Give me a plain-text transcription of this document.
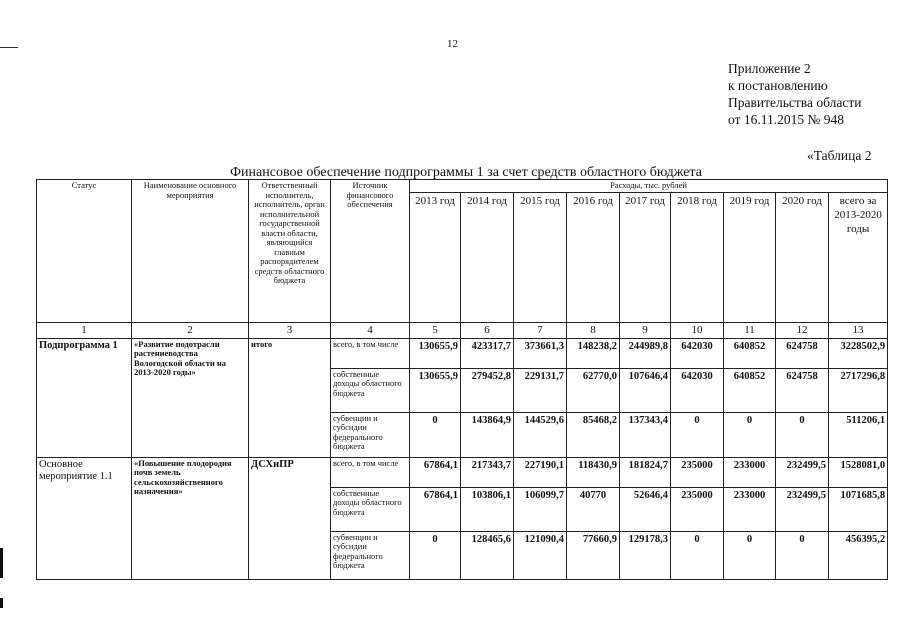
12
Приложение 2
к постановлению
Правительства области
от 16.11.2015 № 948
«Таблица 2
Финансовое обеспечение подпрограммы 1 за счет средств областного бюджета
Статус	Наименование основного мероприятия	Ответственный исполнитель, исполнитель, орган исполнительной государственной власти области, являющийся главным распорядителем средств областного бюджета	Источник финансового обеспечения	Расходы, тыс. рублей								
				2013 год	2014 год	2015 год	2016 год	2017 год	2018 год	2019 год	2020 год	всего за 2013-2020 годы
1	2	3	4	5	6	7	8	9	10	11	12	13
Подпрограмма 1	«Развитие подотрасли растениеводства Вологодской области на 2013-2020 годы»	итого	всего, в том числе	130655,9	423317,7	373661,3	148238,2	244989,8	642030	640852	624758	3228502,9
			собственные доходы областного бюджета	130655,9	279452,8	229131,7	62770,0	107646,4	642030	640852	624758	2717296,8
			субвенции и субсидии федерального бюджета	0	143864,9	144529,6	85468,2	137343,4	0	0	0	511206,1
Основное мероприятие 1.1	«Повышение плодородия почв земель сельскохозяйственного назначения»	ДСХиПР	всего, в том числе	67864,1	217343,7	227190,1	118430,9	181824,7	235000	233000	232499,5	1528081,0
			собственные доходы областного бюджета	67864,1	103806,1	106099,7	40770	52646,4	235000	233000	232499,5	1071685,8
			субвенции и субсидии федерального бюджета	0	128465,6	121090,4	77660,9	129178,3	0	0	0	456395,2
